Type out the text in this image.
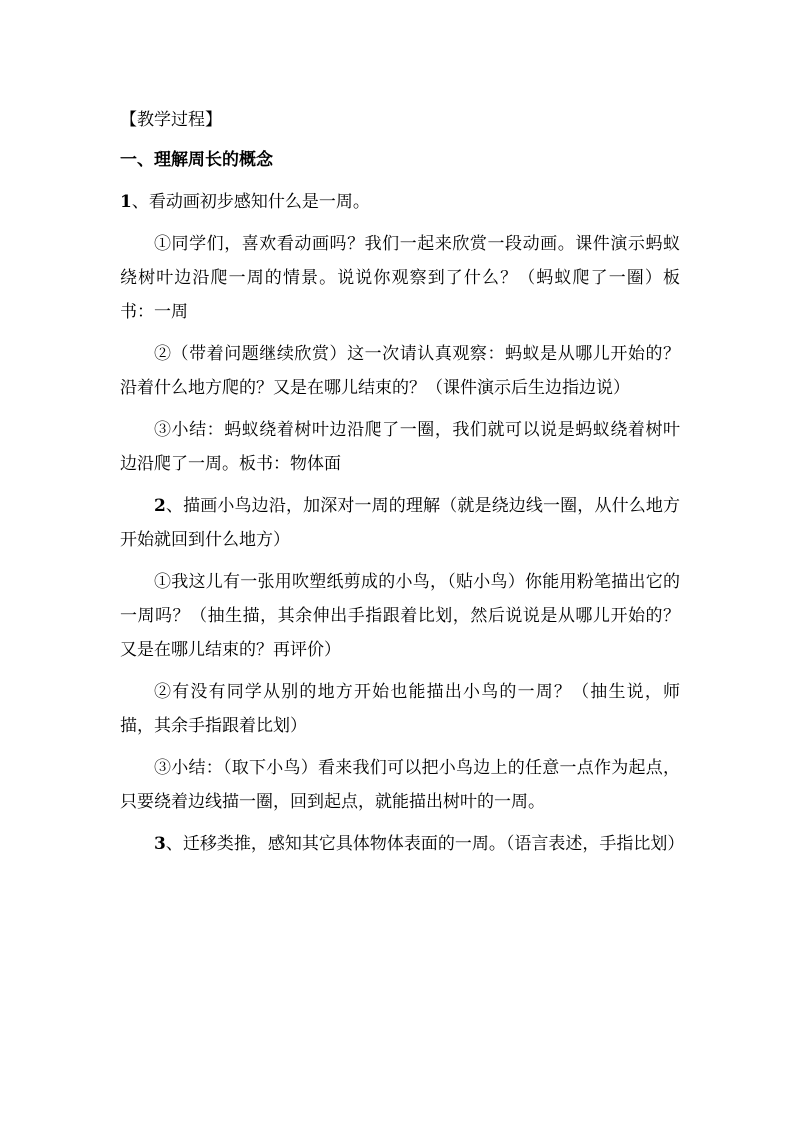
【教学过程】
一、理解周长的概念
1、看动画初步感知什么是一周。

①同学们，喜欢看动画吗？我们一起来欣赏一段动画。课件演示蚂蚁绕树叶边沿爬一周的情景。说说你观察到了什么？（蚂蚁爬了一圈）板书：一周

②（带着问题继续欣赏）这一次请认真观察：蚂蚁是从哪儿开始的？沿着什么地方爬的？又是在哪儿结束的？（课件演示后生边指边说）

③小结：蚂蚁绕着树叶边沿爬了一圈，我们就可以说是蚂蚁绕着树叶边沿爬了一周。板书：物体面

2、描画小鸟边沿，加深对一周的理解（就是绕边线一圈，从什么地方开始就回到什么地方）

①我这儿有一张用吹塑纸剪成的小鸟，（贴小鸟）你能用粉笔描出它的一周吗？（抽生描，其余伸出手指跟着比划，然后说说是从哪儿开始的？又是在哪儿结束的？再评价）

②有没有同学从别的地方开始也能描出小鸟的一周？（抽生说，师描，其余手指跟着比划）

③小结：（取下小鸟）看来我们可以把小鸟边上的任意一点作为起点，只要绕着边线描一圈，回到起点，就能描出树叶的一周。

3、迁移类推，感知其它具体物体表面的一周。（语言表述，手指比划）
